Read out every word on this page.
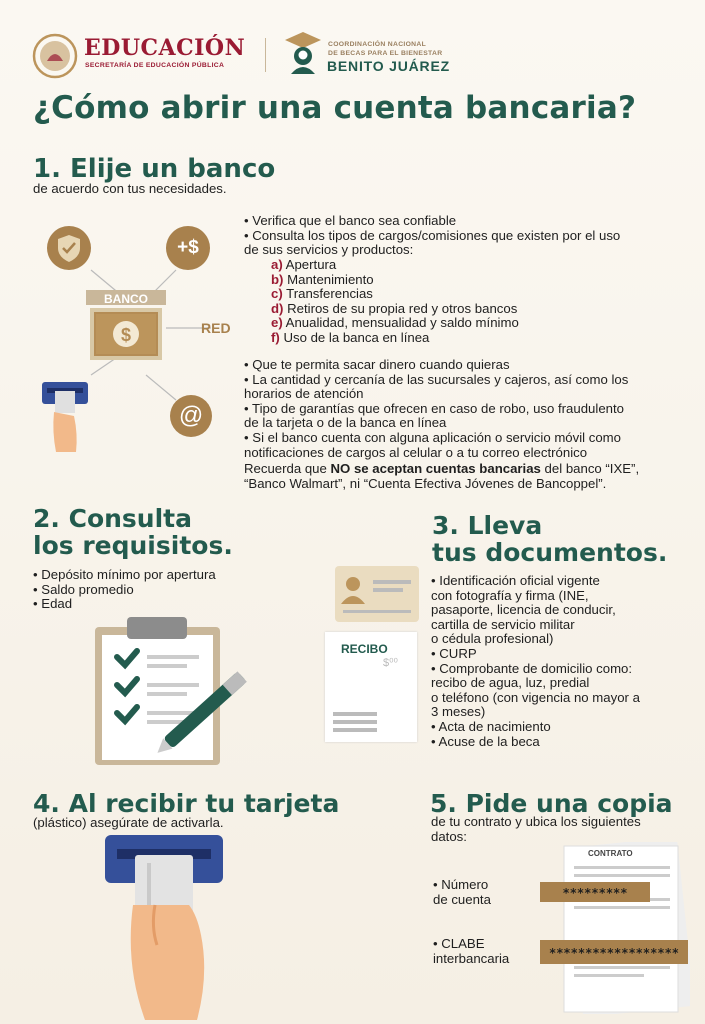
EDUCACIÓN
SECRETARÍA DE EDUCACIÓN PÚBLICA
COORDINACIÓN NACIONAL
DE BECAS PARA EL BIENESTAR
BENITO JUÁREZ
¿Cómo abrir una cuenta bancaria?
1. Elije un banco
de acuerdo con tus necesidades.
+$
BANCO
$	RED
@
• Verifica que el banco sea confiable
• Consulta los tipos de cargos/comisiones que existen por el uso
de sus servicios y productos:
a) Apertura
b) Mantenimiento
c) Transferencias
d) Retiros de su propia red y otros bancos
e) Anualidad, mensualidad y saldo mínimo
f) Uso de la banca en línea
• Que te permita sacar dinero cuando quieras
• La cantidad y cercanía de las sucursales y cajeros, así como los
horarios de atención
• Tipo de garantías que ofrecen en caso de robo, uso fraudulento
de la tarjeta o de la banca en línea
• Si el banco cuenta con alguna aplicación o servicio móvil como
notificaciones de cargos al celular o a tu correo electrónico
Recuerda que NO se aceptan cuentas bancarias del banco “IXE”,
“Banco Walmart”, ni “Cuenta Efectiva Jóvenes de Bancoppel”.
2. Consulta
los requisitos.
• Depósito mínimo por apertura
• Saldo promedio
• Edad
3. Lleva
tus documentos.
RECIBO
$⁰⁰
• Identificación oficial vigente
con fotografía y firma (INE,
pasaporte, licencia de conducir,
cartilla de servicio militar
o cédula profesional)
• CURP
• Comprobante de domicilio como:
recibo de agua, luz, predial
o teléfono (con vigencia no mayor a
3 meses)
• Acta de nacimiento
• Acuse de la beca
4. Al recibir tu tarjeta
(plástico) asegúrate de activarla.
5. Pide una copia
de tu contrato y ubica los siguientes
datos:
CONTRATO
• Número
de cuenta	*********
• CLABE
interbancaria	******************
